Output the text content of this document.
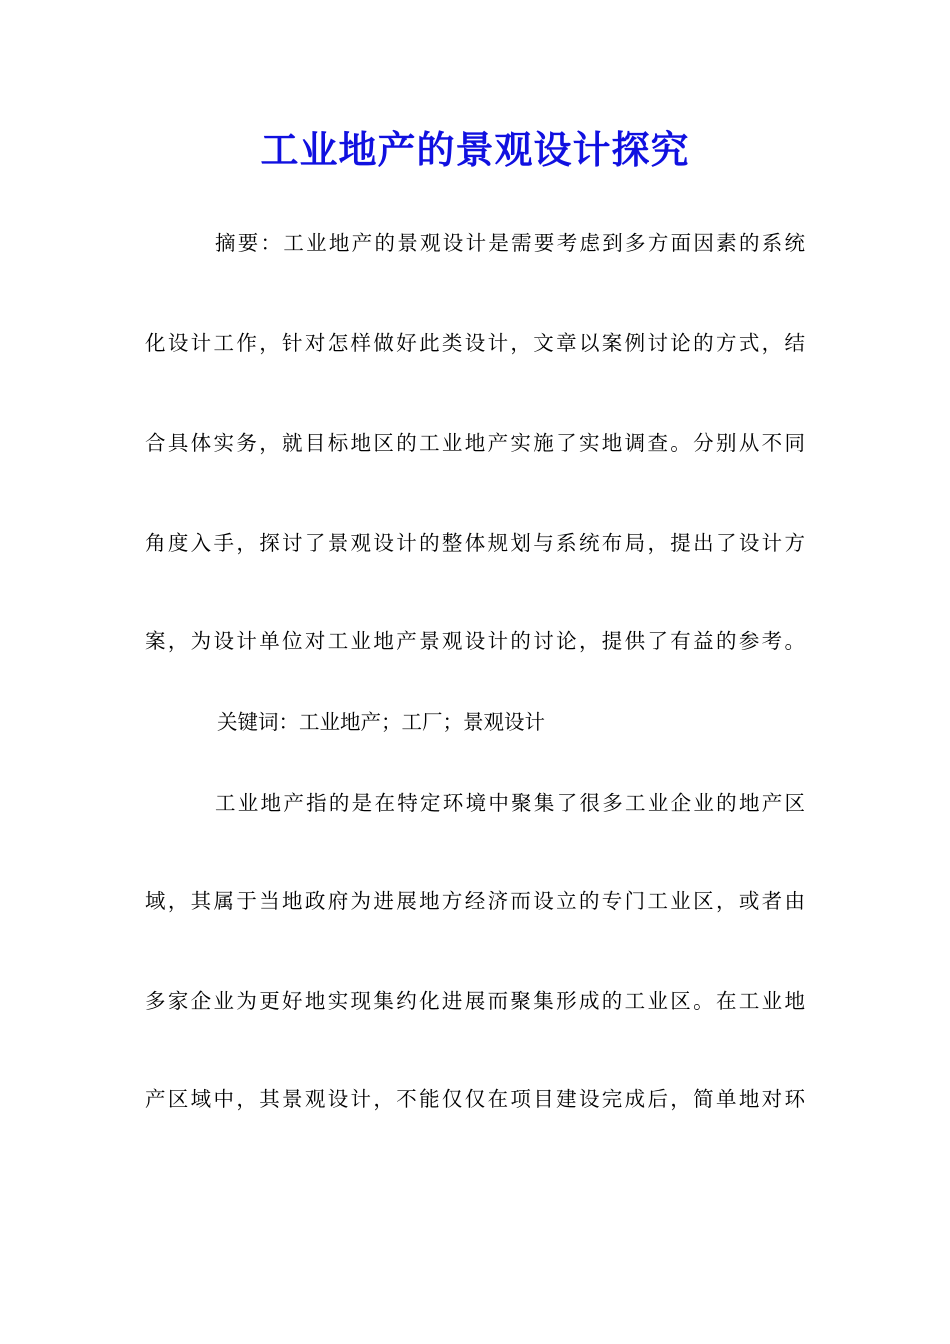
工业地产的景观设计探究
摘要：工业地产的景观设计是需要考虑到多方面因素的系统
化设计工作，针对怎样做好此类设计，文章以案例讨论的方式，结
合具体实务，就目标地区的工业地产实施了实地调查。分别从不同
角度入手，探讨了景观设计的整体规划与系统布局，提出了设计方
案，为设计单位对工业地产景观设计的讨论，提供了有益的参考。
关键词：工业地产；工厂；景观设计
工业地产指的是在特定环境中聚集了很多工业企业的地产区
域，其属于当地政府为进展地方经济而设立的专门工业区，或者由
多家企业为更好地实现集约化进展而聚集形成的工业区。在工业地
产区域中，其景观设计，不能仅仅在项目建设完成后，简单地对环
